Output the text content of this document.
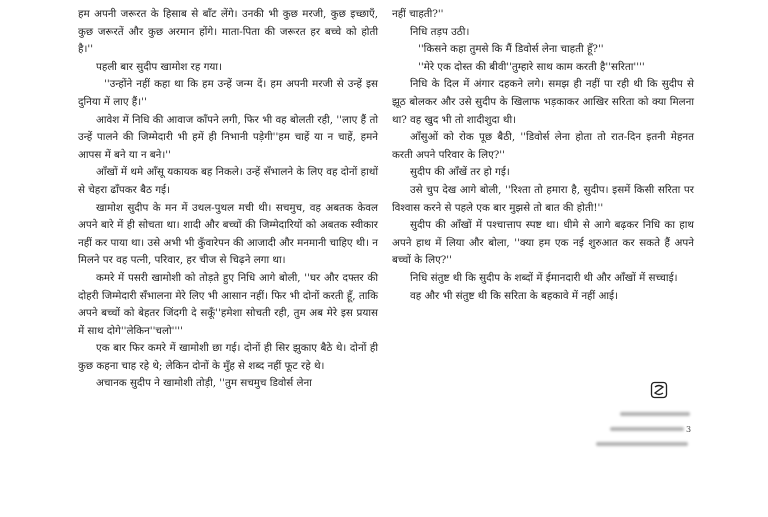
हम अपनी जरूरत के हिसाब से बाँट लेंगे। उनकी भी कुछ मरजी, कुछ इच्छाएँ, कुछ जरूरतें और कुछ अरमान होंगे। माता-पिता की जरूरत हर बच्चे को होती है।''

पहली बार सुदीप खामोश रह गया।

''उन्होंने नहीं कहा था कि हम उन्हें जन्म दें। हम अपनी मरजी से उन्हें इस दुनिया में लाए हैं।''

आवेश में निधि की आवाज काँपने लगी, फिर भी वह बोलती रही, ''लाए हैं तो उन्हें पालने की जिम्मेदारी भी हमें ही निभानी पड़ेगी''हम चाहें या न चाहें, हमने आपस में बने या न बने।''

आँखों में थमे आँसू यकायक बह निकले। उन्हें सँभालने के लिए वह दोनों हाथों से चेहरा ढाँपकर बैठ गई।

खामोश सुदीप के मन में उथल-पुथल मची थी। सचमुच, वह अबतक केवल अपने बारे में ही सोचता था। शादी और बच्चों की जिम्मेदारियों को अबतक स्वीकार नहीं कर पाया था। उसे अभी भी कुँवारेपन की आजादी और मनमानी चाहिए थी। न मिलने पर वह पत्नी, परिवार, हर चीज से चिढ़ने लगा था।

कमरे में पसरी खामोशी को तोड़ते हुए निधि आगे बोली, ''घर और दफ्तर की दोहरी जिम्मेदारी सँभालना मेरे लिए भी आसान नहीं। फिर भी दोनों करती हूँ, ताकि अपने बच्चों को बेहतर जिंदगी दे सकूँ''हमेशा सोचती रही, तुम अब मेरे इस प्रयास में साथ दोगे''लेकिन''चलो''''

एक बार फिर कमरे में खामोशी छा गई। दोनों ही सिर झुकाए बैठे थे। दोनों ही कुछ कहना चाह रहे थे; लेकिन दोनों के मुँह से शब्द नहीं फूट रहे थे।

अचानक सुदीप ने खामोशी तोड़ी, ''तुम सचमुच डिवोर्स लेना

नहीं चाहती?''

निधि तड़प उठी।

''किसने कहा तुमसे कि मैं डिवोर्स लेना चाहती हूँ?''

''मेरे एक दोस्त की बीवी''तुम्हारे साथ काम करती है''सरिता''''

निधि के दिल में अंगार दहकने लगे। समझ ही नहीं पा रही थी कि सुदीप से झूठ बोलकर और उसे सुदीप के खिलाफ भड़काकर आखिर सरिता को क्या मिलना था? वह खुद भी तो शादीशुदा थी।

आँसुओं को रोक पूछ बैठी, ''डिवोर्स लेना होता तो रात-दिन इतनी मेहनत करती अपने परिवार के लिए?''

सुदीप की आँखें तर हो गई।

उसे चुप देख आगे बोली, ''रिश्ता तो हमारा है, सुदीप। इसमें किसी सरिता पर विश्वास करने से पहले एक बार मुझसे तो बात की होती!''

सुदीप की आँखों में पश्चात्ताप स्पष्ट था। धीमे से आगे बढ़कर निधि का हाथ अपने हाथ में लिया और बोला, ''क्या हम एक नई शुरुआत कर सकते हैं अपने बच्चों के लिए?''

निधि संतुष्ट थी कि सुदीप के शब्दों में ईमानदारी थी और आँखों में सच्चाई।

वह और भी संतुष्ट थी कि सरिता के बहकावे में नहीं आई।

3
